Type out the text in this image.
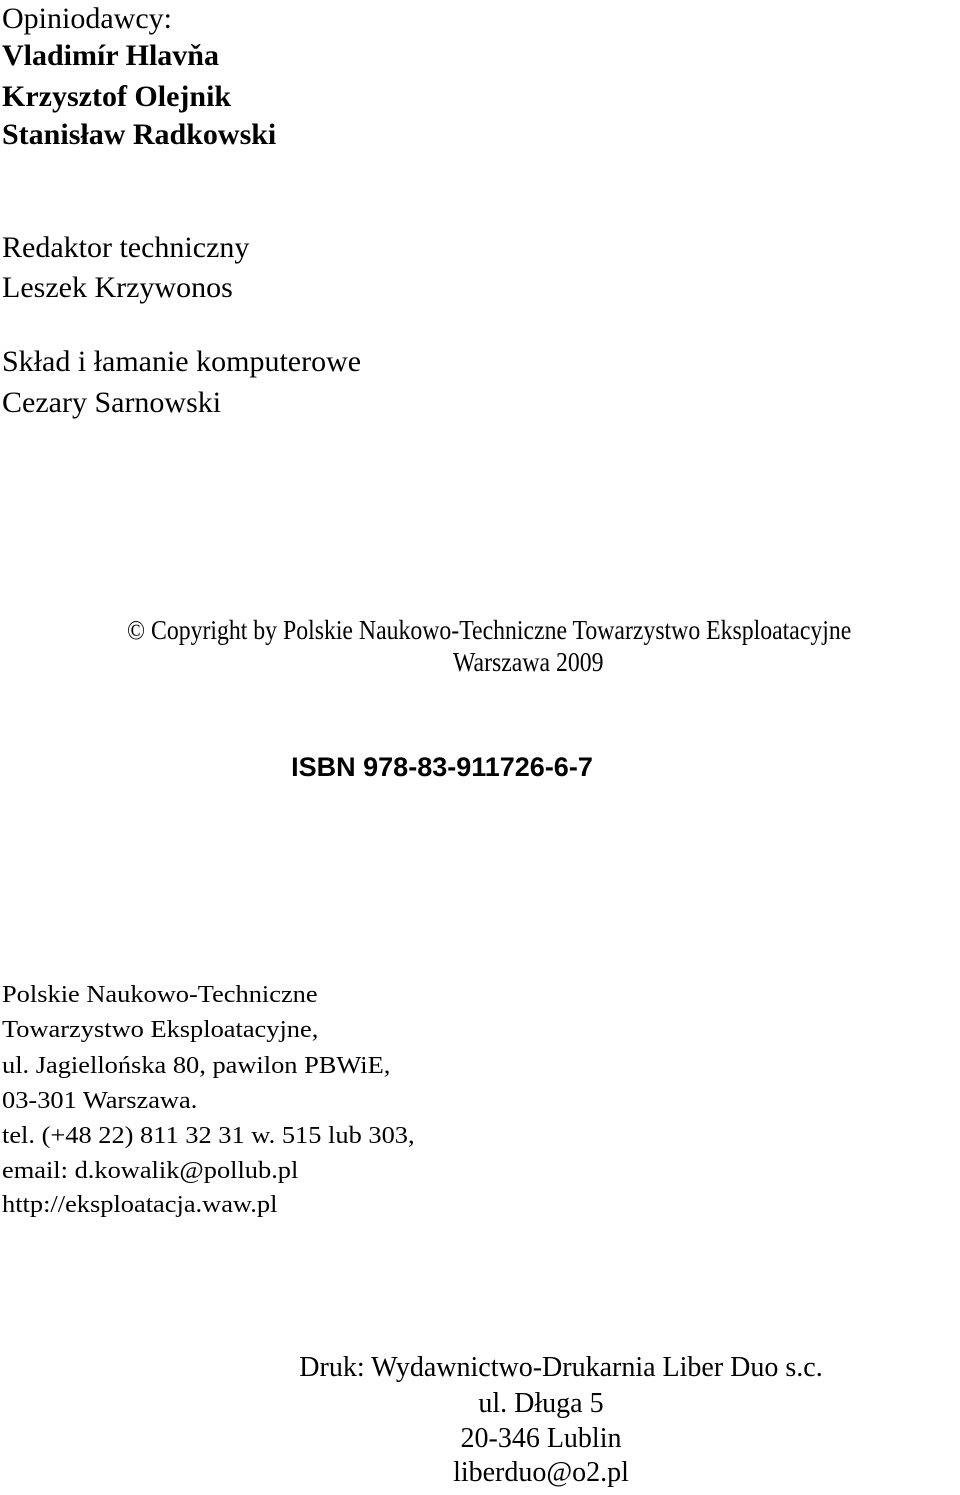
Opiniodawcy:
Vladimír Hlavňa
Krzysztof Olejnik
Stanisław Radkowski
Redaktor techniczny
Leszek Krzywonos
Skład i łamanie komputerowe
Cezary Sarnowski
© Copyright by Polskie Naukowo-Techniczne Towarzystwo Eksploatacyjne
Warszawa 2009
ISBN 978-83-911726-6-7
Polskie Naukowo-Techniczne
Towarzystwo Eksploatacyjne,
ul. Jagiellońska 80, pawilon PBWiE,
03-301 Warszawa.
tel. (+48 22) 811 32 31 w. 515 lub 303,
email: d.kowalik@pollub.pl
http://eksploatacja.waw.pl
Druk: Wydawnictwo-Drukarnia Liber Duo s.c.
ul. Długa 5
20-346 Lublin
liberduo@o2.pl
